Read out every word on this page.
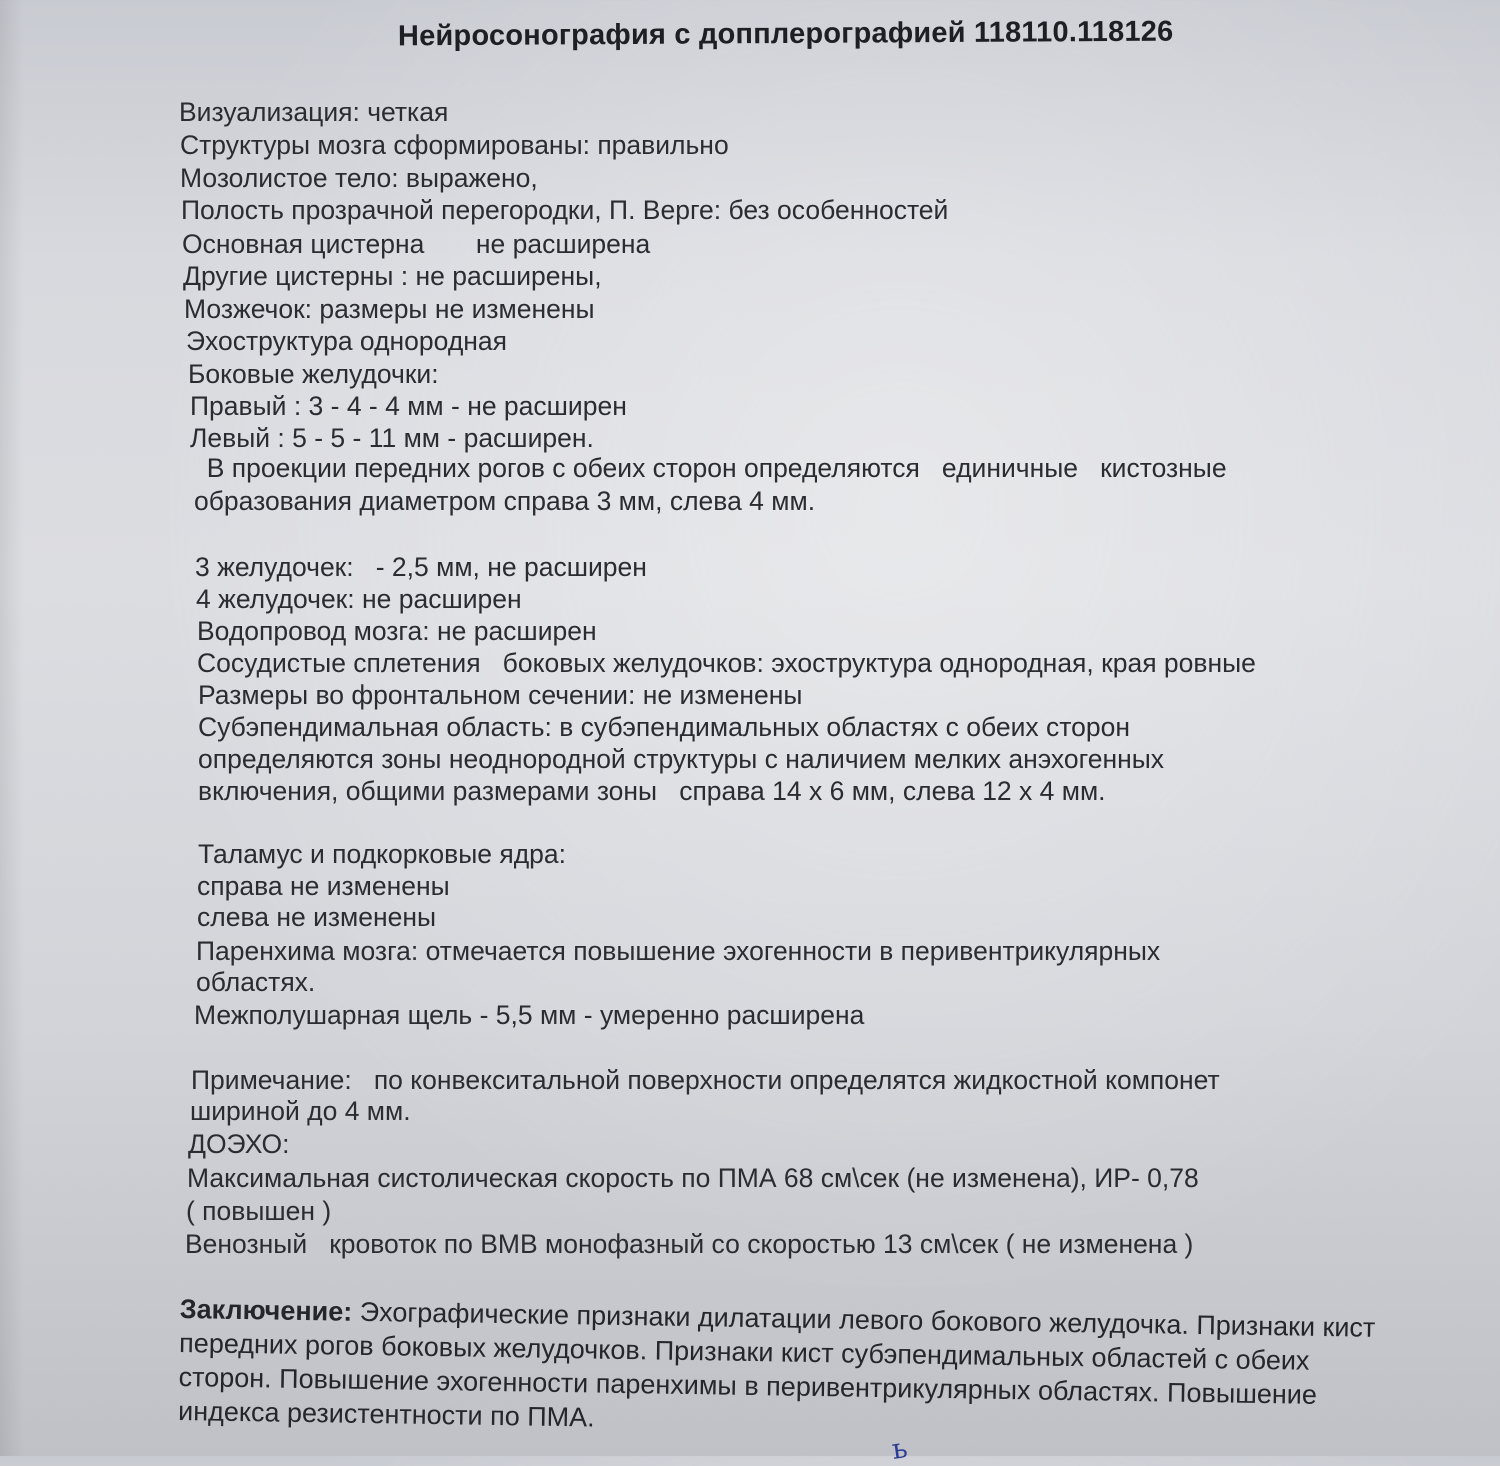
Нейросонография с допплерографией 118110.118126
Визуализация: четкая
Структуры мозга сформированы: правильно
Мозолистое тело: выражено,
Полость прозрачной перегородки, П. Верге: без особенностей
Основная цистерна       не расширена
Другие цистерны : не расширены,
Мозжечок: размеры не изменены
Эхоструктура однородная
Боковые желудочки:
Правый : 3 - 4 - 4 мм - не расширен
Левый : 5 - 5 - 11 мм - расширен.
В проекции передних рогов с обеих сторон определяются   единичные   кистозные
образования диаметром справа 3 мм, слева 4 мм.
3 желудочек:   - 2,5 мм, не расширен
4 желудочек: не расширен
Водопровод мозга: не расширен
Сосудистые сплетения   боковых желудочков: эхоструктура однородная, края ровные
Размеры во фронтальном сечении: не изменены
Субэпендимальная область: в субэпендимальных областях с обеих сторон
определяются зоны неоднородной структуры с наличием мелких анэхогенных
включения, общими размерами зоны   справа 14 х 6 мм, слева 12 х 4 мм.
Таламус и подкорковые ядра:
справа не изменены
слева не изменены
Паренхима мозга: отмечается повышение эхогенности в перивентрикулярных
областях.
Межполушарная щель - 5,5 мм - умеренно расширена
Примечание:   по конвекситальной поверхности определятся жидкостной компонет
шириной до 4 мм.
ДОЭХО:
Максимальная систолическая скорость по ПМА 68 см\сек (не изменена), ИР- 0,78
( повышен )
Венозный   кровоток по ВМВ монофазный со скоростью 13 см\сек ( не изменена )
Заключение: Эхографические признаки дилатации левого бокового желудочка. Признаки кист передних рогов боковых желудочков. Признаки кист субэпендимальных областей с обеих сторон. Повышение эхогенности паренхимы в перивентрикулярных областях. Повышение индекса резистентности по ПМА.
ь
